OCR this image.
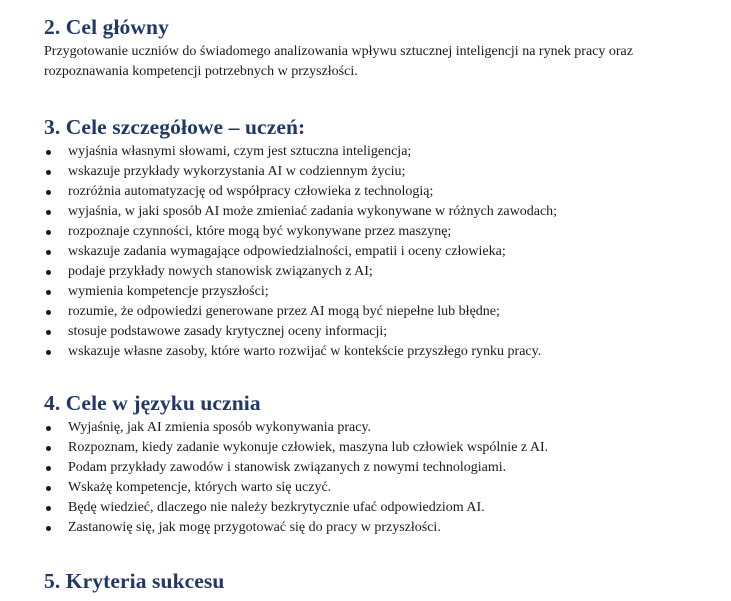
2. Cel główny

Przygotowanie uczniów do świadomego analizowania wpływu sztucznej inteligencji na rynek pracy oraz
rozpoznawania kompetencji potrzebnych w przyszłości.

3. Cele szczegółowe – uczeń:
wyjaśnia własnymi słowami, czym jest sztuczna inteligencja;
wskazuje przykłady wykorzystania AI w codziennym życiu;
rozróżnia automatyzację od współpracy człowieka z technologią;
wyjaśnia, w jaki sposób AI może zmieniać zadania wykonywane w różnych zawodach;
rozpoznaje czynności, które mogą być wykonywane przez maszynę;
wskazuje zadania wymagające odpowiedzialności, empatii i oceny człowieka;
podaje przykłady nowych stanowisk związanych z AI;
wymienia kompetencje przyszłości;
rozumie, że odpowiedzi generowane przez AI mogą być niepełne lub błędne;
stosuje podstawowe zasady krytycznej oceny informacji;
wskazuje własne zasoby, które warto rozwijać w kontekście przyszłego rynku pracy.
4. Cele w języku ucznia
Wyjaśnię, jak AI zmienia sposób wykonywania pracy.
Rozpoznam, kiedy zadanie wykonuje człowiek, maszyna lub człowiek wspólnie z AI.
Podam przykłady zawodów i stanowisk związanych z nowymi technologiami.
Wskażę kompetencje, których warto się uczyć.
Będę wiedzieć, dlaczego nie należy bezkrytycznie ufać odpowiedziom AI.
Zastanowię się, jak mogę przygotować się do pracy w przyszłości.
5. Kryteria sukcesu
